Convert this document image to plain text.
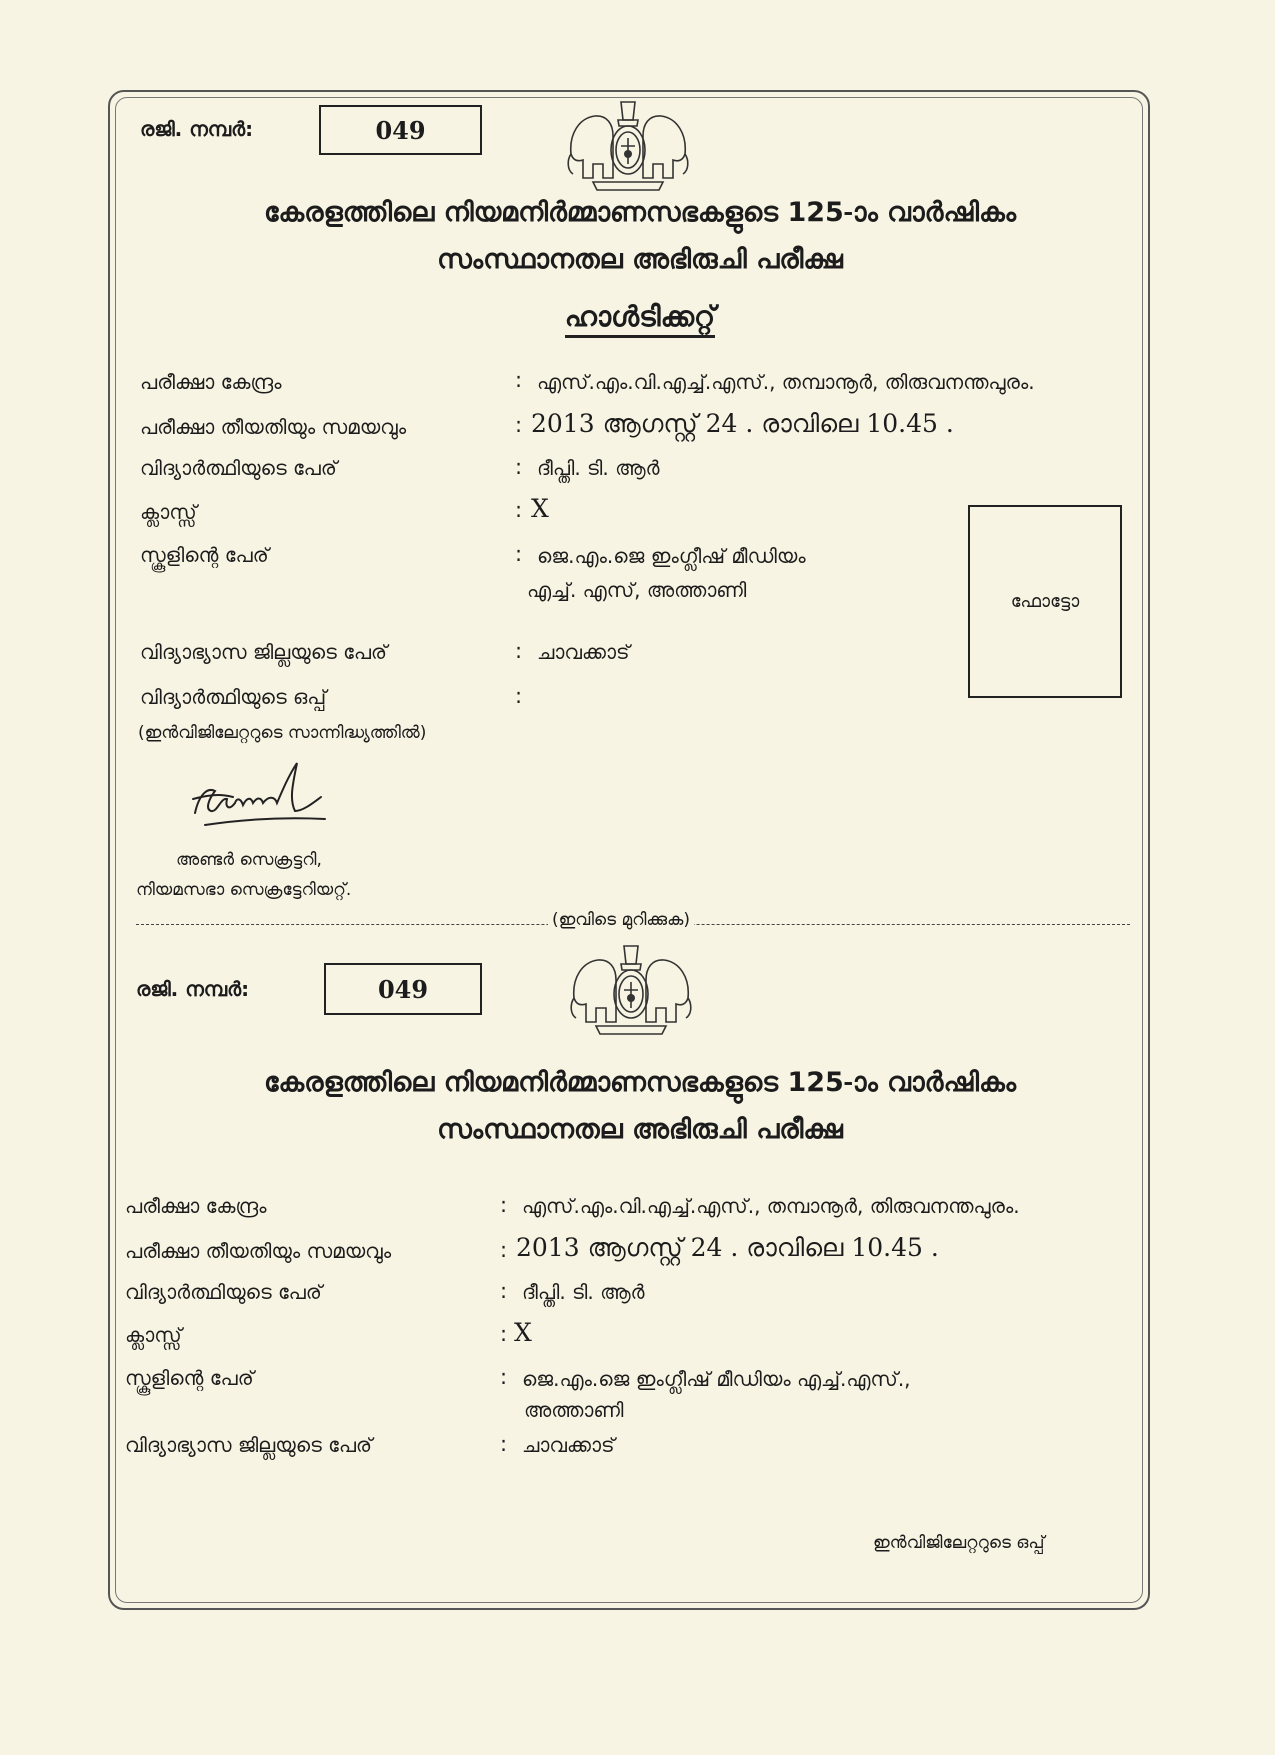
രജി. നമ്പർ:	049
കേരളത്തിലെ നിയമനിർമ്മാണസഭകളുടെ 125-ാം വാർഷികം
സംസ്ഥാനതല അഭിരുചി പരീക്ഷ
ഹാൾടിക്കറ്റ്
പരീക്ഷാ കേന്ദ്രം	: എസ്.എം.വി.എച്ച്.എസ്., തമ്പാനൂർ, തിരുവനന്തപുരം.
പരീക്ഷാ തീയതിയും സമയവും	: 2013 ആഗസ്റ്റ് 24 . രാവിലെ 10.45 .
വിദ്യാർത്ഥിയുടെ പേര്	: ദീപ്തി. ടി. ആർ
ക്ലാസ്സ്	: X
സ്കൂളിന്റെ പേര്	: ജെ.എം.ജെ ഇംഗ്ലീഷ് മീഡിയം
എച്ച്. എസ്, അത്താണി	ഫോട്ടോ
വിദ്യാഭ്യാസ ജില്ലയുടെ പേര്	: ചാവക്കാട്
വിദ്യാർത്ഥിയുടെ ഒപ്പ്	:
(ഇൻവിജിലേറ്ററുടെ സാന്നിദ്ധ്യത്തിൽ)
അണ്ടർ സെക്രട്ടറി,
നിയമസഭാ സെക്രട്ടേറിയറ്റ്.
(ഇവിടെ മുറിക്കുക)
രജി. നമ്പർ:	049
കേരളത്തിലെ നിയമനിർമ്മാണസഭകളുടെ 125-ാം വാർഷികം
സംസ്ഥാനതല അഭിരുചി പരീക്ഷ
പരീക്ഷാ കേന്ദ്രം	: എസ്.എം.വി.എച്ച്.എസ്., തമ്പാനൂർ, തിരുവനന്തപുരം.
പരീക്ഷാ തീയതിയും സമയവും	: 2013 ആഗസ്റ്റ് 24 . രാവിലെ 10.45 .
വിദ്യാർത്ഥിയുടെ പേര്	: ദീപ്തി. ടി. ആർ
ക്ലാസ്സ്	: X
സ്കൂളിന്റെ പേര്	: ജെ.എം.ജെ ഇംഗ്ലീഷ് മീഡിയം എച്ച്.എസ്.,
അത്താണി
വിദ്യാഭ്യാസ ജില്ലയുടെ പേര്	: ചാവക്കാട്
ഇൻവിജിലേറ്ററുടെ ഒപ്പ്
